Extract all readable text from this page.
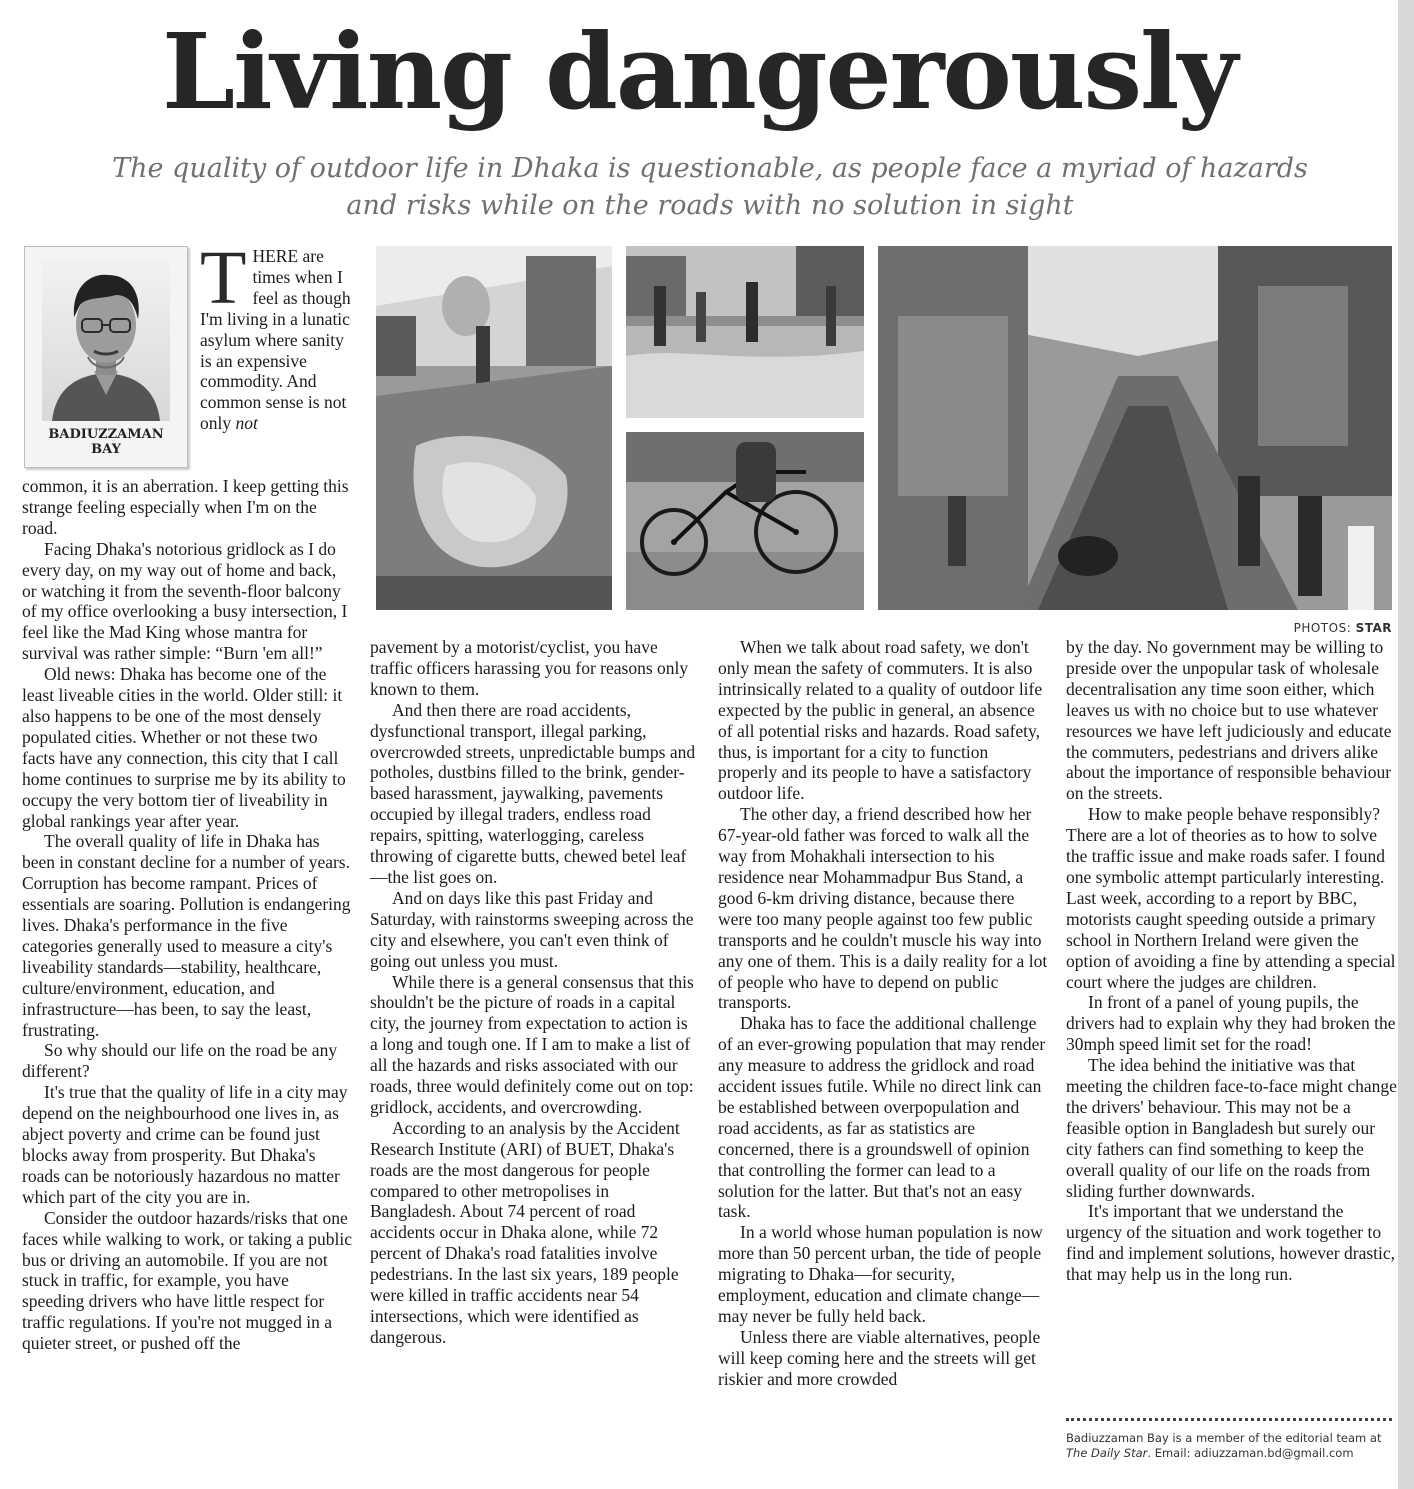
Living dangerously
The quality of outdoor life in Dhaka is questionable, as people face a myriad of hazards
and risks while on the roads with no solution in sight
BADIUZZAMAN
BAY

THERE are times when I feel as though I'm living in a lunatic asylum where sanity is an expensive commodity. And common sense is not only not

common, it is an aberration. I keep getting this strange feeling especially when I'm on the road.

Facing Dhaka's notorious gridlock as I do every day, on my way out of home and back, or watching it from the seventh-floor balcony of my office overlooking a busy intersection, I feel like the Mad King whose mantra for survival was rather simple: “Burn 'em all!”

Old news: Dhaka has become one of the least liveable cities in the world. Older still: it also happens to be one of the most densely populated cities. Whether or not these two facts have any connection, this city that I call home continues to surprise me by its ability to occupy the very bottom tier of liveability in global rankings year after year.

The overall quality of life in Dhaka has been in constant decline for a number of years. Corruption has become rampant. Prices of essentials are soaring. Pollution is endangering lives. Dhaka's performance in the five categories generally used to measure a city's liveability standards—stability, healthcare, culture/environment, education, and infrastructure—has been, to say the least, frustrating.

So why should our life on the road be any different?

It's true that the quality of life in a city may depend on the neighbourhood one lives in, as abject poverty and crime can be found just blocks away from prosperity. But Dhaka's roads can be notoriously hazardous no matter which part of the city you are in.

Consider the outdoor hazards/risks that one faces while walking to work, or taking a public bus or driving an automobile. If you are not stuck in traffic, for example, you have speeding drivers who have little respect for traffic regulations. If you're not mugged in a quieter street, or pushed off the

PHOTOS: STAR

pavement by a motorist/cyclist, you have traffic officers harassing you for reasons only known to them.

And then there are road accidents, dysfunctional transport, illegal parking, overcrowded streets, unpredictable bumps and potholes, dustbins filled to the brink, gender-based harassment, jaywalking, pavements occupied by illegal traders, endless road repairs, spitting, waterlogging, careless throwing of cigarette butts, chewed betel leaf—the list goes on.

And on days like this past Friday and Saturday, with rainstorms sweeping across the city and elsewhere, you can't even think of going out unless you must.

While there is a general consensus that this shouldn't be the picture of roads in a capital city, the journey from expectation to action is a long and tough one. If I am to make a list of all the hazards and risks associated with our roads, three would definitely come out on top: gridlock, accidents, and overcrowding.

According to an analysis by the Accident Research Institute (ARI) of BUET, Dhaka's roads are the most dangerous for people compared to other metropolises in Bangladesh. About 74 percent of road accidents occur in Dhaka alone, while 72 percent of Dhaka's road fatalities involve pedestrians. In the last six years, 189 people were killed in traffic accidents near 54 intersections, which were identified as dangerous.

When we talk about road safety, we don't only mean the safety of commuters. It is also intrinsically related to a quality of outdoor life expected by the public in general, an absence of all potential risks and hazards. Road safety, thus, is important for a city to function properly and its people to have a satisfactory outdoor life.

The other day, a friend described how her 67-year-old father was forced to walk all the way from Mohakhali intersection to his residence near Mohammadpur Bus Stand, a good 6-km driving distance, because there were too many people against too few public transports and he couldn't muscle his way into any one of them. This is a daily reality for a lot of people who have to depend on public transports.

Dhaka has to face the additional challenge of an ever-growing population that may render any measure to address the gridlock and road accident issues futile. While no direct link can be established between overpopulation and road accidents, as far as statistics are concerned, there is a groundswell of opinion that controlling the former can lead to a solution for the latter. But that's not an easy task.

In a world whose human population is now more than 50 percent urban, the tide of people migrating to Dhaka—for security, employment, education and climate change—may never be fully held back.

Unless there are viable alternatives, people will keep coming here and the streets will get riskier and more crowded

by the day. No government may be willing to preside over the unpopular task of wholesale decentralisation any time soon either, which leaves us with no choice but to use whatever resources we have left judiciously and educate the commuters, pedestrians and drivers alike about the importance of responsible behaviour on the streets.

How to make people behave responsibly? There are a lot of theories as to how to solve the traffic issue and make roads safer. I found one symbolic attempt particularly interesting. Last week, according to a report by BBC, motorists caught speeding outside a primary school in Northern Ireland were given the option of avoiding a fine by attending a special court where the judges are children.

In front of a panel of young pupils, the drivers had to explain why they had broken the 30mph speed limit set for the road!

The idea behind the initiative was that meeting the children face-to-face might change the drivers' behaviour. This may not be a feasible option in Bangladesh but surely our city fathers can find something to keep the overall quality of our life on the roads from sliding further downwards.

It's important that we understand the urgency of the situation and work together to find and implement solutions, however drastic, that may help us in the long run.

Badiuzzaman Bay is a member of the editorial team at The Daily Star. Email: adiuzzaman.bd@gmail.com
